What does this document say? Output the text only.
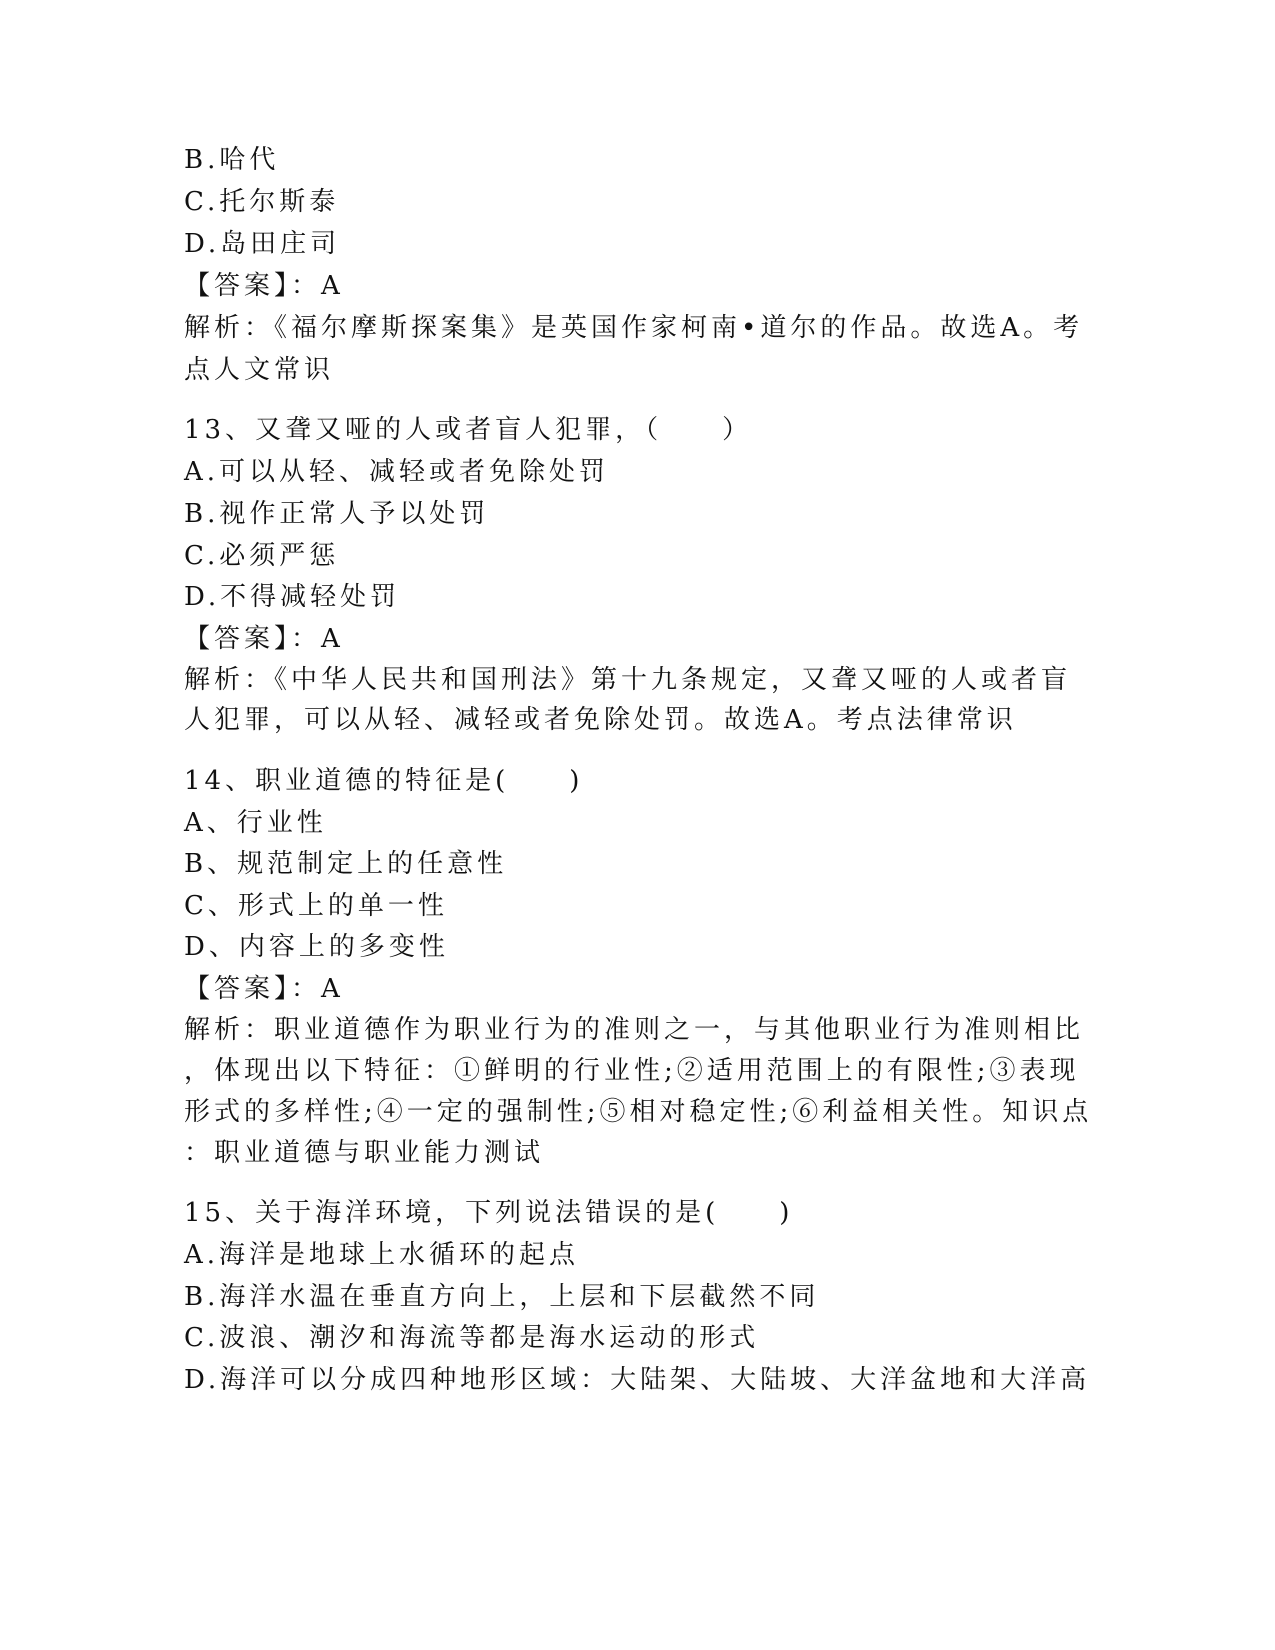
B.哈代
C.托尔斯泰
D.岛田庄司
【答案】：A
解析：《福尔摩斯探案集》是英国作家柯南•道尔的作品。故选A。考
点人文常识
13、又聋又哑的人或者盲人犯罪，（　　）
A.可以从轻、减轻或者免除处罚
B.视作正常人予以处罚
C.必须严惩
D.不得减轻处罚
【答案】：A
解析：《中华人民共和国刑法》第十九条规定，又聋又哑的人或者盲
人犯罪，可以从轻、减轻或者免除处罚。故选A。考点法律常识
14、职业道德的特征是(　　)
A、行业性
B、规范制定上的任意性
C、形式上的单一性
D、内容上的多变性
【答案】：A
解析：职业道德作为职业行为的准则之一，与其他职业行为准则相比
，体现出以下特征：①鲜明的行业性;②适用范围上的有限性;③表现
形式的多样性;④一定的强制性;⑤相对稳定性;⑥利益相关性。知识点
：职业道德与职业能力测试
15、关于海洋环境，下列说法错误的是(　　)
A.海洋是地球上水循环的起点
B.海洋水温在垂直方向上，上层和下层截然不同
C.波浪、潮汐和海流等都是海水运动的形式
D.海洋可以分成四种地形区域：大陆架、大陆坡、大洋盆地和大洋高
